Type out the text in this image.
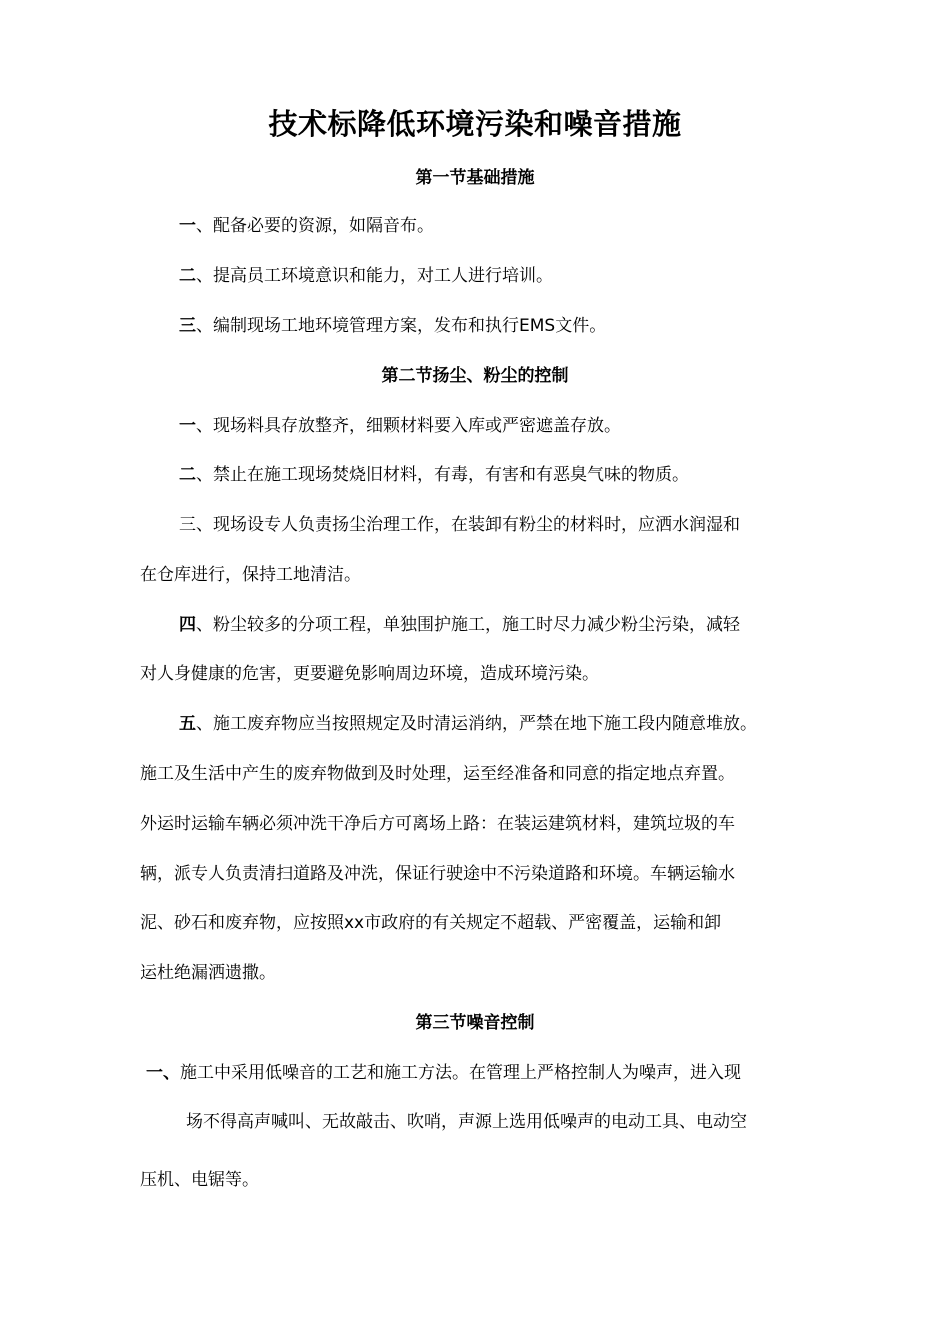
技术标降低环境污染和噪音措施
第一节基础措施
一、配备必要的资源，如隔音布。
二、提高员工环境意识和能力，对工人进行培训。
三、编制现场工地环境管理方案，发布和执行EMS文件。
第二节扬尘、粉尘的控制
一、现场料具存放整齐，细颗材料要入库或严密遮盖存放。
二、禁止在施工现场焚烧旧材料，有毒，有害和有恶臭气味的物质。
三、现场设专人负责扬尘治理工作，在装卸有粉尘的材料时，应洒水润湿和
在仓库进行，保持工地清洁。
四、粉尘较多的分项工程，单独围护施工，施工时尽力减少粉尘污染，减轻
对人身健康的危害，更要避免影响周边环境，造成环境污染。
五、施工废弃物应当按照规定及时清运消纳，严禁在地下施工段内随意堆放。
施工及生活中产生的废弃物做到及时处理，运至经准备和同意的指定地点弃置。
外运时运输车辆必须冲洗干净后方可离场上路：在装运建筑材料，建筑垃圾的车
辆，派专人负责清扫道路及冲洗，保证行驶途中不污染道路和环境。车辆运输水
泥、砂石和废弃物，应按照xx市政府的有关规定不超载、严密覆盖，运输和卸
运杜绝漏洒遗撒。
第三节噪音控制
一、施工中采用低噪音的工艺和施工方法。在管理上严格控制人为噪声，进入现
场不得高声喊叫、无故敲击、吹哨，声源上选用低噪声的电动工具、电动空
压机、电锯等。
